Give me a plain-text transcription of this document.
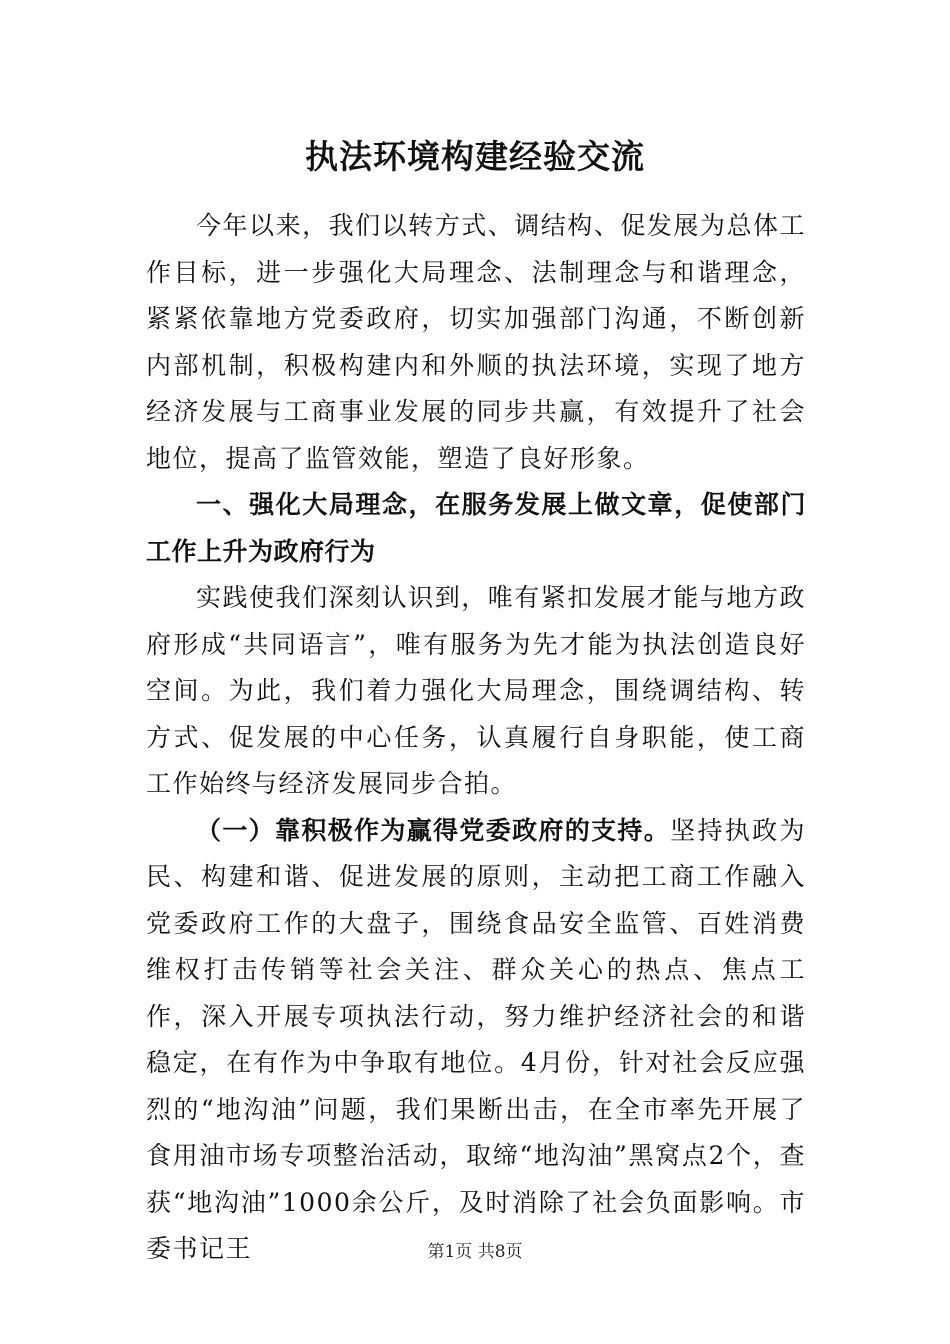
执法环境构建经验交流

今年以来，我们以转方式、调结构、促发展为总体工作目标，进一步强化大局理念、法制理念与和谐理念，紧紧依靠地方党委政府，切实加强部门沟通，不断创新内部机制，积极构建内和外顺的执法环境，实现了地方经济发展与工商事业发展的同步共赢，有效提升了社会地位，提高了监管效能，塑造了良好形象。

一、强化大局理念，在服务发展上做文章，促使部门工作上升为政府行为

实践使我们深刻认识到，唯有紧扣发展才能与地方政府形成“共同语言”，唯有服务为先才能为执法创造良好空间。为此，我们着力强化大局理念，围绕调结构、转方式、促发展的中心任务，认真履行自身职能，使工商工作始终与经济发展同步合拍。

（一）靠积极作为赢得党委政府的支持。坚持执政为民、构建和谐、促进发展的原则，主动把工商工作融入党委政府工作的大盘子，围绕食品安全监管、百姓消费维权打击传销等社会关注、群众关心的热点、焦点工作，深入开展专项执法行动，努力维护经济社会的和谐稳定，在有作为中争取有地位。4月份，针对社会反应强烈的“地沟油”问题，我们果断出击，在全市率先开展了食用油市场专项整治活动，取缔“地沟油”黑窝点2个，查获“地沟油”1000余公斤，及时消除了社会负面影响。市委书记王	第1页 共8页
